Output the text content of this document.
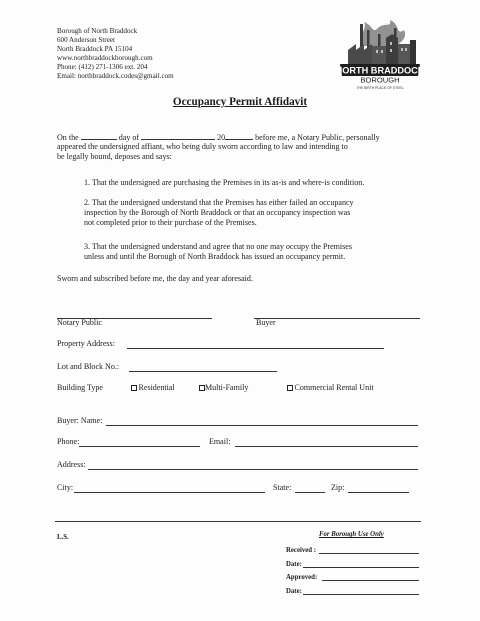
Borough of North Braddock
600 Anderson Street
North Braddock PA 15104
www.northbraddockborough.com
Phone: (412) 271-1306 ext. 204
Email: northbraddock.codes@gmail.com
NORTH BRADDOCK
BOROUGH
THE BIRTH PLACE OF STEEL
Occupancy Permit Affidavit
On the	day of	20	before me, a Notary Public, personally
appeared the undersigned affiant, who being duly sworn according to law and intending to
be legally bound, deposes and says:
1. That the undersigned are purchasing the Premises in its as-is and where-is condition.
2. That the undersigned understand that the Premises has either failed an occupancy
inspection by the Borough of North Braddock or that an occupancy inspection was
not completed prior to their purchase of the Premises.
3. That the undersigned understand and agree that no one may occupy the Premises
unless and until the Borough of North Braddock has issued an occupancy permit.
Sworn and subscribed before me, the day and year aforesaid.
Notary Public	Buyer
Property Address:
Lot and Block No.:
Building Type	Residential	Multi-Family	Commercial Rental Unit
Buyer: Name:
Phone:	Email:
Address:
City:	State:	Zip:
L.S.	For Borough Use Only
Received :
Date:
Approved:
Date:
